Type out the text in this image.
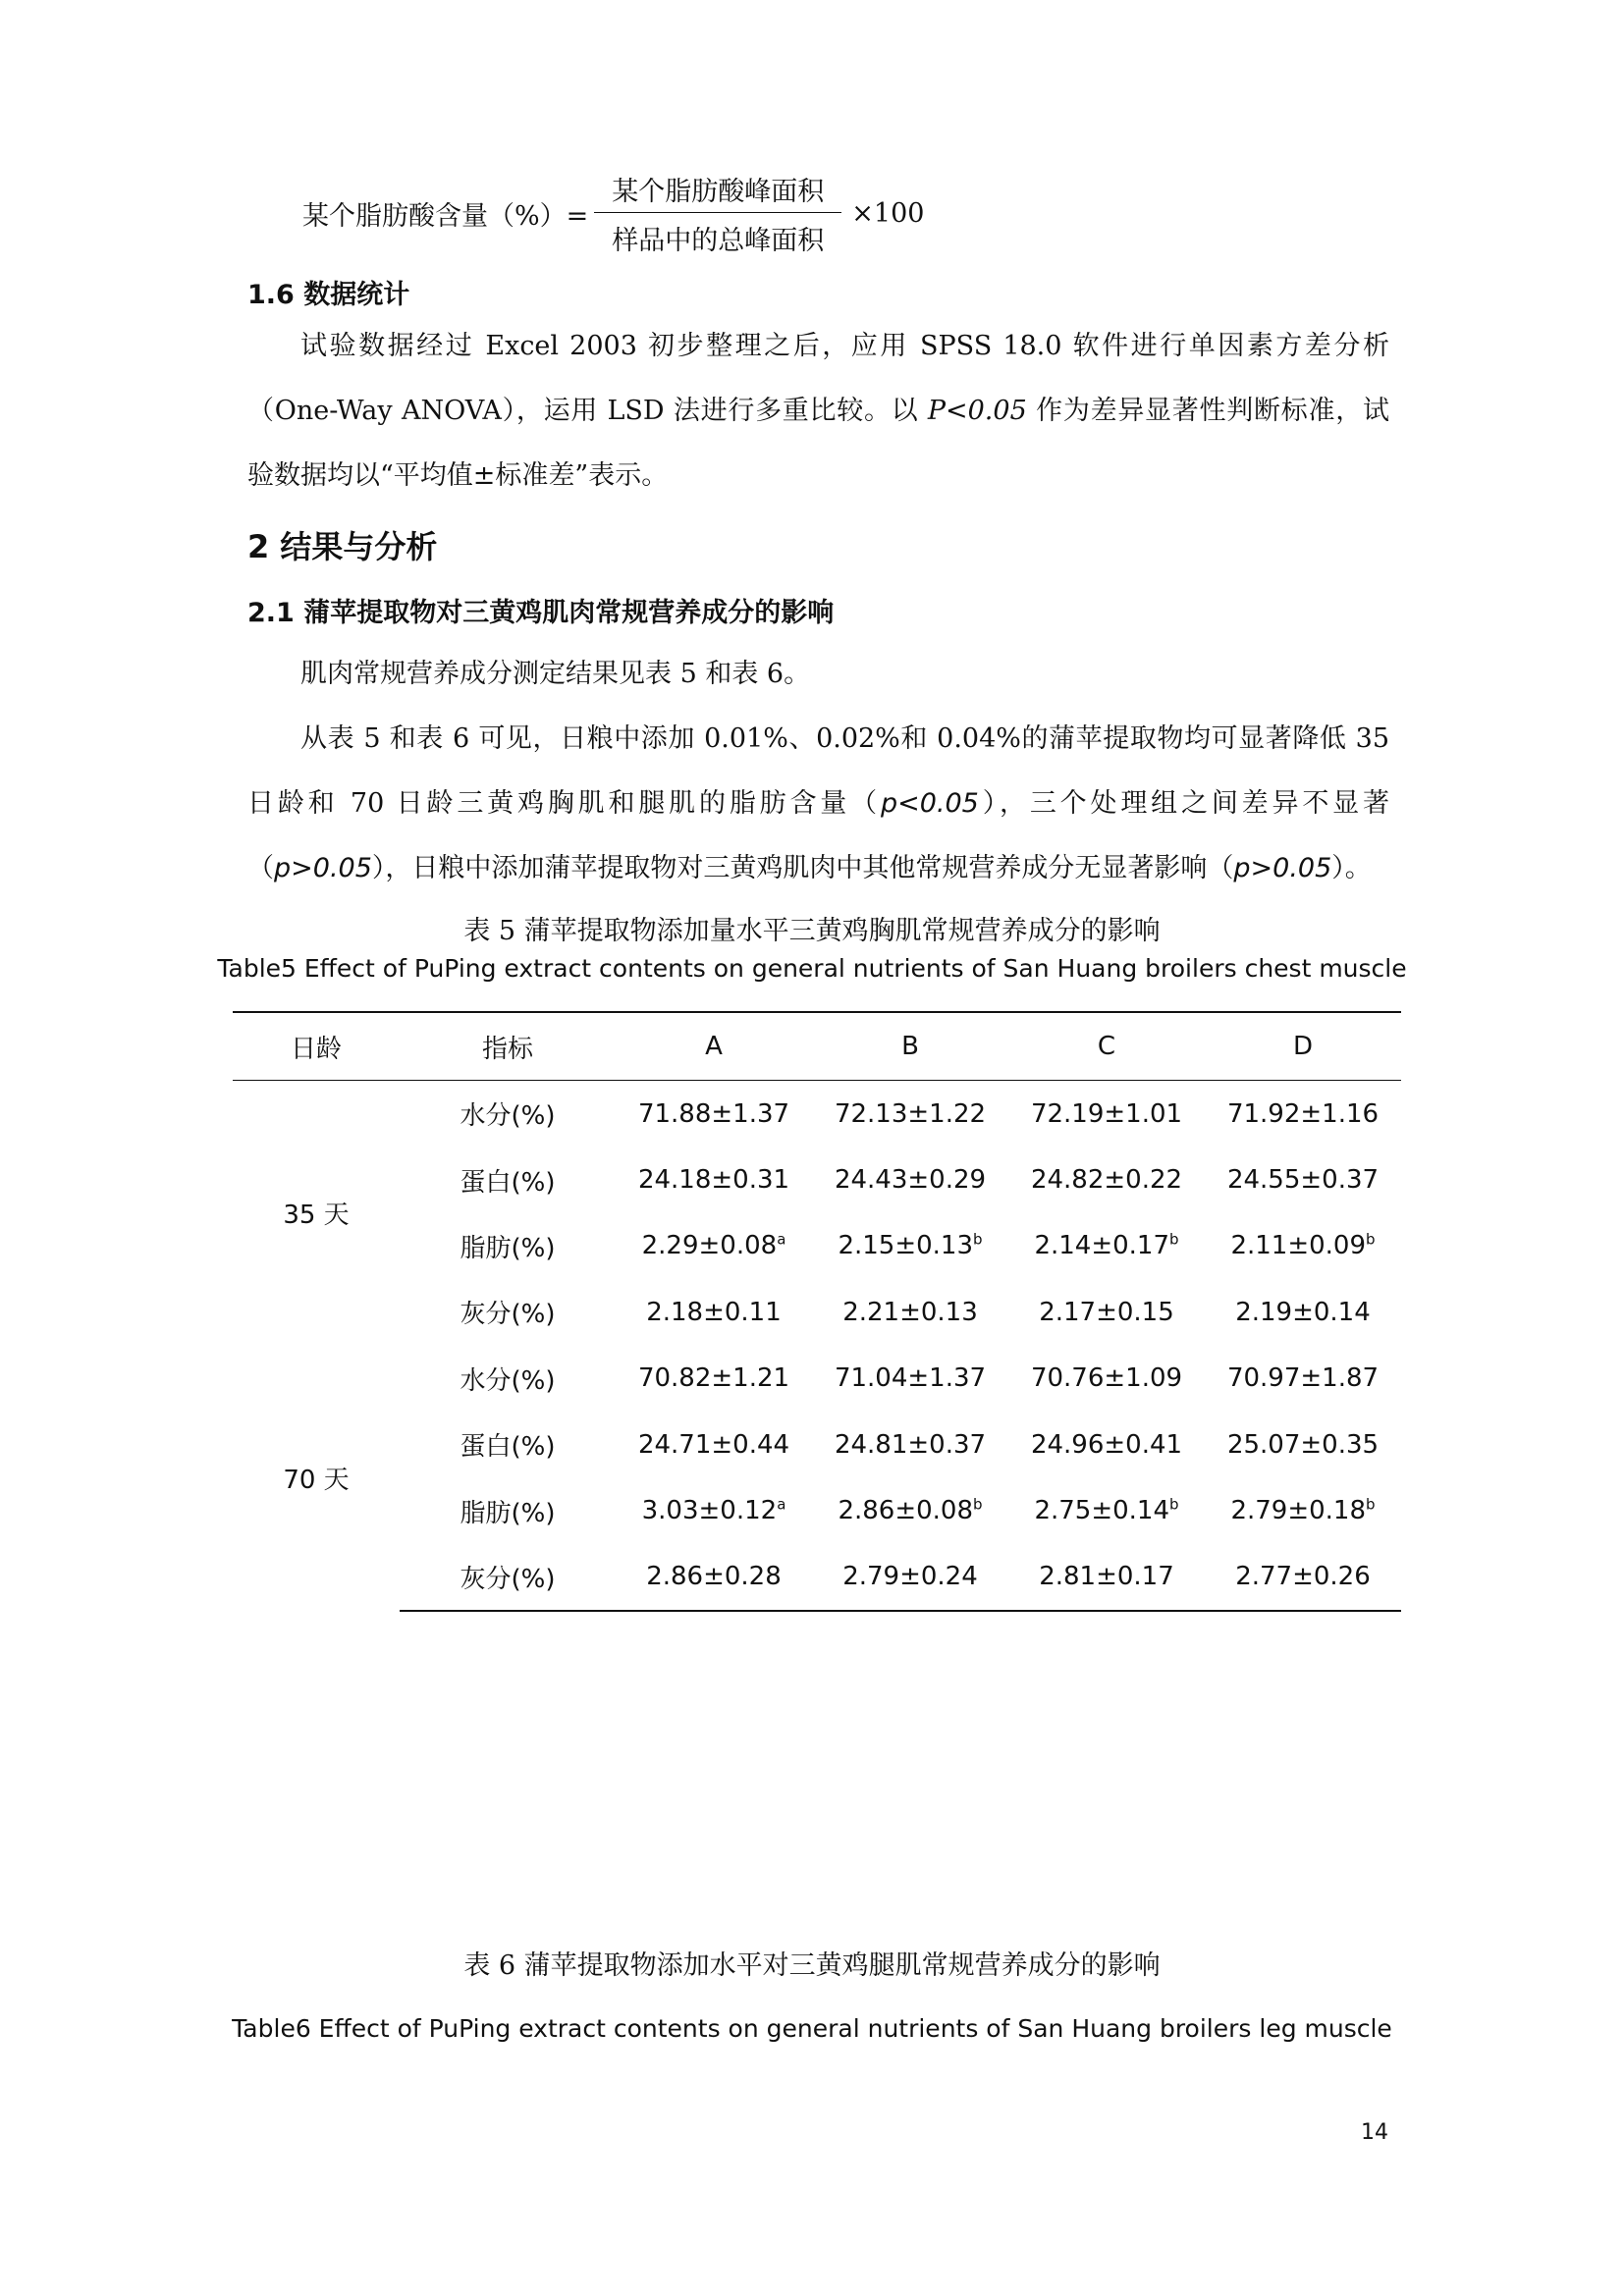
某个脂肪酸含量（%）= $\frac{\text{某个脂肪酸峰面积}}{\text{样品中的总峰面积}} \times 100$
1.6 数据统计

试验数据经过 Excel 2003 初步整理之后，应用 SPSS 18.0 软件进行单因素方差分析（One-Way ANOVA），运用 LSD 法进行多重比较。以 P<0.05 作为差异显著性判断标准，试验数据均以“平均值±标准差”表示。

2 结果与分析
2.1 蒲苹提取物对三黄鸡肌肉常规营养成分的影响

肌肉常规营养成分测定结果见表 5 和表 6。

从表 5 和表 6 可见，日粮中添加 0.01%、0.02%和 0.04%的蒲苹提取物均可显著降低 35 日龄和 70 日龄三黄鸡胸肌和腿肌的脂肪含量（p<0.05），三个处理组之间差异不显著（p>0.05），日粮中添加蒲苹提取物对三黄鸡肌肉中其他常规营养成分无显著影响（p>0.05）。

表 5 蒲苹提取物添加量水平三黄鸡胸肌常规营养成分的影响
Table5 Effect of PuPing extract contents on general nutrients of San Huang broilers chest muscle
日龄	指标	A	B	C	D
35 天	水分(%)	71.88±1.37	72.13±1.22	72.19±1.01	71.92±1.16
	蛋白(%)	24.18±0.31	24.43±0.29	24.82±0.22	24.55±0.37
	脂肪(%)	2.29±0.08$^a$	2.15±0.13$^b$	2.14±0.17$^b$	2.11±0.09$^b$
	灰分(%)	2.18±0.11	2.21±0.13	2.17±0.15	2.19±0.14
70 天	水分(%)	70.82±1.21	71.04±1.37	70.76±1.09	70.97±1.87
	蛋白(%)	24.71±0.44	24.81±0.37	24.96±0.41	25.07±0.35
	脂肪(%)	3.03±0.12$^a$	2.86±0.08$^b$	2.75±0.14$^b$	2.79±0.18$^b$
	灰分(%)	2.86±0.28	2.79±0.24	2.81±0.17	2.77±0.26
表 6 蒲苹提取物添加水平对三黄鸡腿肌常规营养成分的影响
Table6 Effect of PuPing extract contents on general nutrients of San Huang broilers leg muscle
14
